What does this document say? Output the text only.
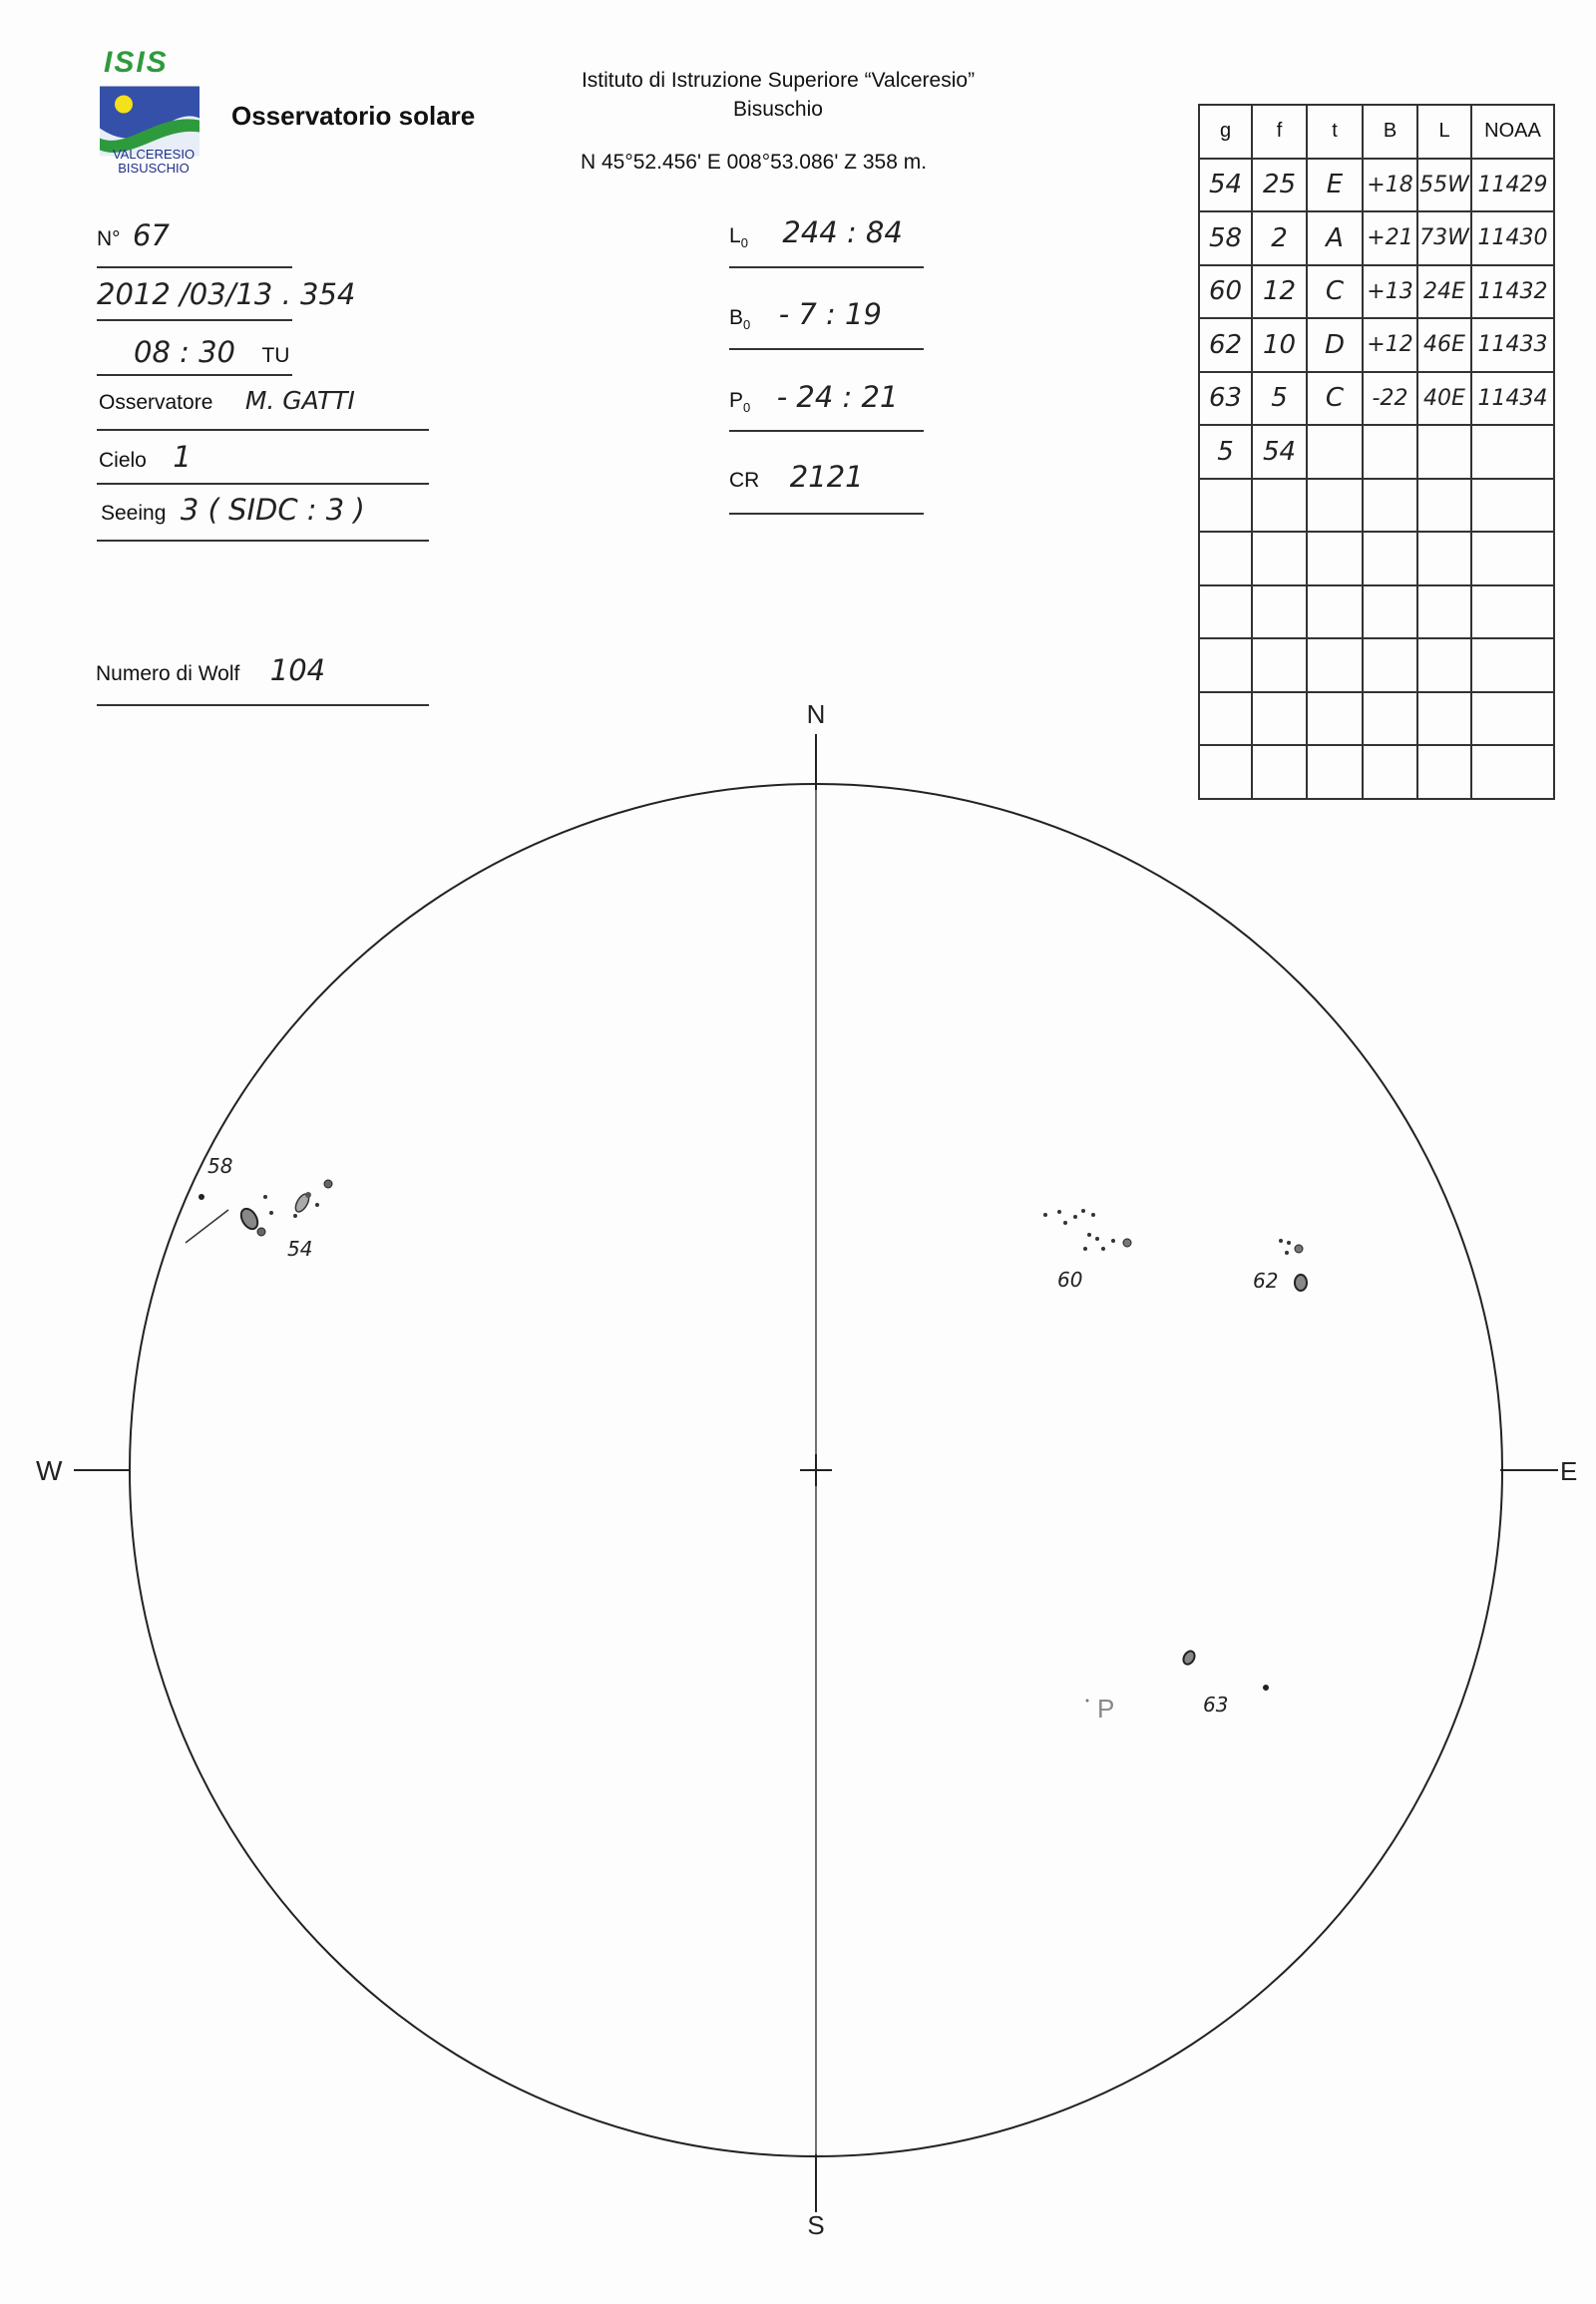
ISIS
VALCERESIO
BISUSCHIO
Osservatorio solare
Istituto di Istruzione Superiore “Valceresio”
Bisuschio
N 45°52.456' E 008°53.086' Z 358 m.
N° 67
2012 /03/13 . 354
08 : 30 TU
Osservatore M. GATTI
Cielo 1
Seeing 3 ( SIDC : 3 )
Numero di Wolf 104
$L_0$ 244 : 84
$B_0 - 7$ : 19
$P_0 - 24$ : 21
CR 2121
g	f	t	B	L	NOAA
54	25	E	+18	55W	11429
58	2	A	+21	73W	11430
60	12	C	+13	24E	11432
62	10	D	+12	46E	11433
63	5	C	-22	40E	11434
5	54				

N
S
W	E
58
54
60	62
63
P
